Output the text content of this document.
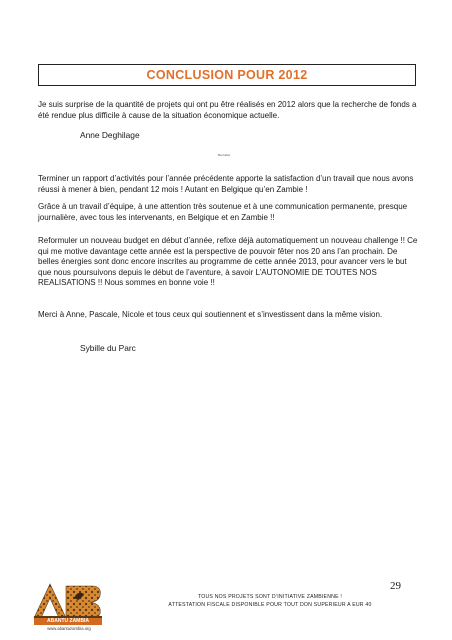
CONCLUSION POUR 2012

Je suis surprise de la quantité de projets qui ont pu être réalisés en 2012 alors que la recherche de fonds a été rendue plus difficile à cause de la situation économique actuelle.

Anne Deghilage

Ba Kafaz

Terminer un rapport d’activités pour l’année précédente apporte la satisfaction d’un travail que nous avons réussi à mener à bien, pendant 12 mois ! Autant en Belgique qu’en Zambie !

Grâce à un travail d’équipe, à une attention très soutenue et à une communication permanente, presque journalière, avec tous les intervenants, en Belgique et en Zambie !!

Reformuler un nouveau budget en début d’année, refixe déjà automatiquement un nouveau challenge !! Ce qui me motive davantage cette année est la perspective de pouvoir fêter nos 20 ans l’an prochain. De belles énergies sont donc encore inscrites au programme de cette année 2013, pour avancer vers le but que nous poursuivons depuis le début de l’aventure, à savoir L’AUTONOMIE DE TOUTES NOS REALISATIONS !! Nous sommes en bonne voie !!

Merci à Anne, Pascale, Nicole et tous ceux qui soutiennent et s’investissent dans la même vision.

Sybille du Parc

ABANTU ZAMBIA
www.abantuzambia.org
29

TOUS NOS PROJETS SONT D’INITIATIVE ZAMBIENNE !

ATTESTATION FISCALE DISPONIBLE POUR TOUT DON SUPERIEUR A EUR 40
